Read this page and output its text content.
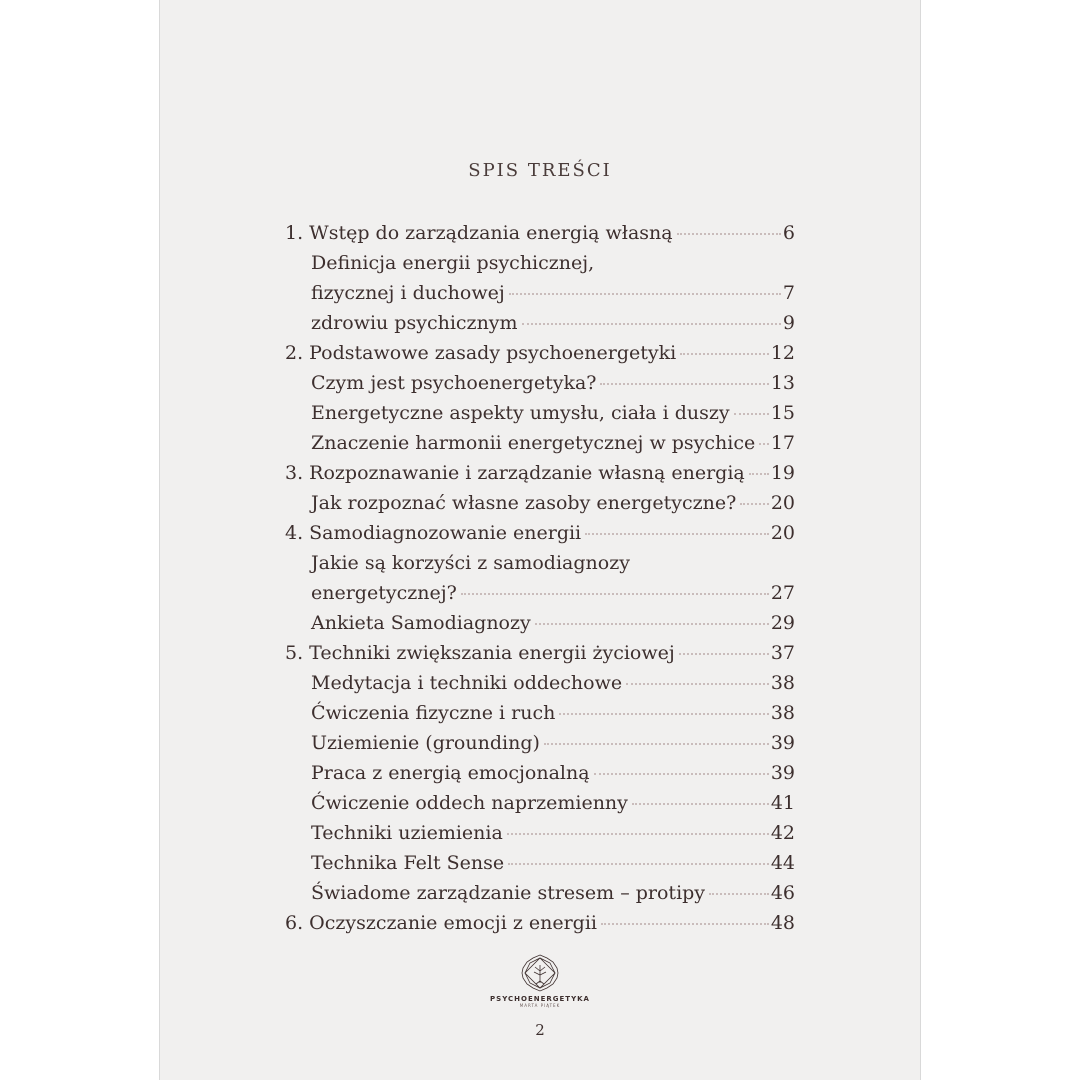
SPIS TREŚCI
1. Wstęp do zarządzania energią własną	6
Definicja energii psychicznej,
fizycznej i duchowej	7
zdrowiu psychicznym	9
2. Podstawowe zasady psychoenergetyki	12
Czym jest psychoenergetyka?	13
Energetyczne aspekty umysłu, ciała i duszy 15
Znaczenie harmonii energetycznej w psychice 17
3. Rozpoznawanie i zarządzanie własną energią 19
Jak rozpoznać własne zasoby energetyczne? 20
4. Samodiagnozowanie energii	20
Jakie są korzyści z samodiagnozy
energetycznej?	27
Ankieta Samodiagnozy	29
5. Techniki zwiększania energii życiowej	37
Medytacja i techniki oddechowe	38
Ćwiczenia fizyczne i ruch	38
Uziemienie (grounding)	39
Praca z energią emocjonalną	39
Ćwiczenie oddech naprzemienny	41
Techniki uziemienia	42
Technika Felt Sense	44
Świadome zarządzanie stresem – protipy	46
6. Oczyszczanie emocji z energii	48
PSYCHOENERGETYKA
MARTA PIĄTEK
2
